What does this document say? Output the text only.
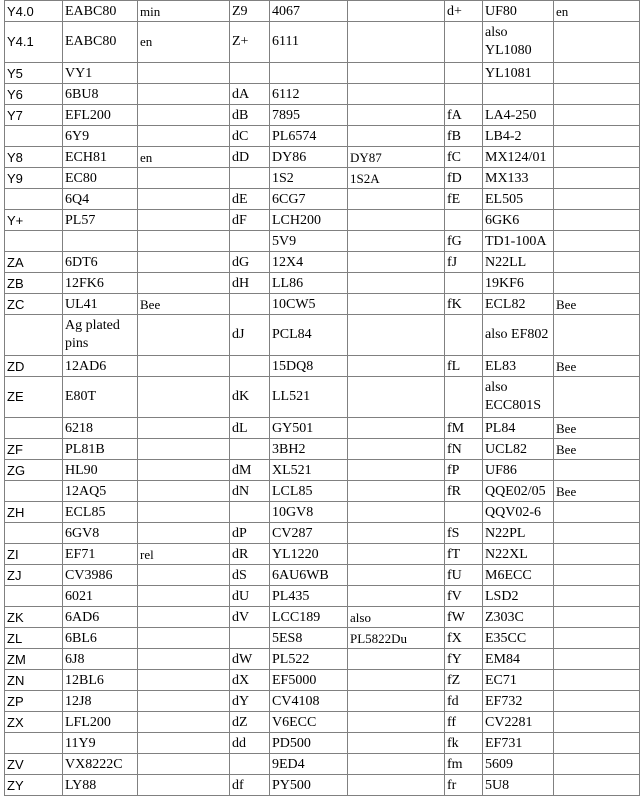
Y4.0	EABC80	min	Z9	4067		d+	UF80	en
Y4.1	EABC80	en	Z+	6111			also YL1080	
Y5	VY1						YL1081	
Y6	6BU8		dA	6112				
Y7	EFL200		dB	7895		fA	LA4-250	
	6Y9		dC	PL6574		fB	LB4-2	
Y8	ECH81	en	dD	DY86	DY87	fC	MX124/01	
Y9	EC80			1S2	1S2A	fD	MX133	
	6Q4		dE	6CG7		fE	EL505	
Y+	PL57		dF	LCH200			6GK6	
				5V9		fG	TD1-100A	
ZA	6DT6		dG	12X4		fJ	N22LL	
ZB	12FK6		dH	LL86			19KF6	
ZC	UL41	Bee		10CW5		fK	ECL82	Bee
	Ag plated pins		dJ	PCL84			also EF802	
ZD	12AD6			15DQ8		fL	EL83	Bee
ZE	E80T		dK	LL521			also ECC801S	
	6218		dL	GY501		fM	PL84	Bee
ZF	PL81B			3BH2		fN	UCL82	Bee
ZG	HL90		dM	XL521		fP	UF86	
	12AQ5		dN	LCL85		fR	QQE02/05	Bee
ZH	ECL85			10GV8			QQV02-6	
	6GV8		dP	CV287		fS	N22PL	
ZI	EF71	rel	dR	YL1220		fT	N22XL	
ZJ	CV3986		dS	6AU6WB		fU	M6ECC	
	6021		dU	PL435		fV	LSD2	
ZK	6AD6		dV	LCC189	also	fW	Z303C	
ZL	6BL6			5ES8	PL5822Du	fX	E35CC	
ZM	6J8		dW	PL522		fY	EM84	
ZN	12BL6		dX	EF5000		fZ	EC71	
ZP	12J8		dY	CV4108		fd	EF732	
ZX	LFL200		dZ	V6ECC		ff	CV2281	
	11Y9		dd	PD500		fk	EF731	
ZV	VX8222C			9ED4		fm	5609	
ZY	LY88		df	PY500		fr	5U8	
